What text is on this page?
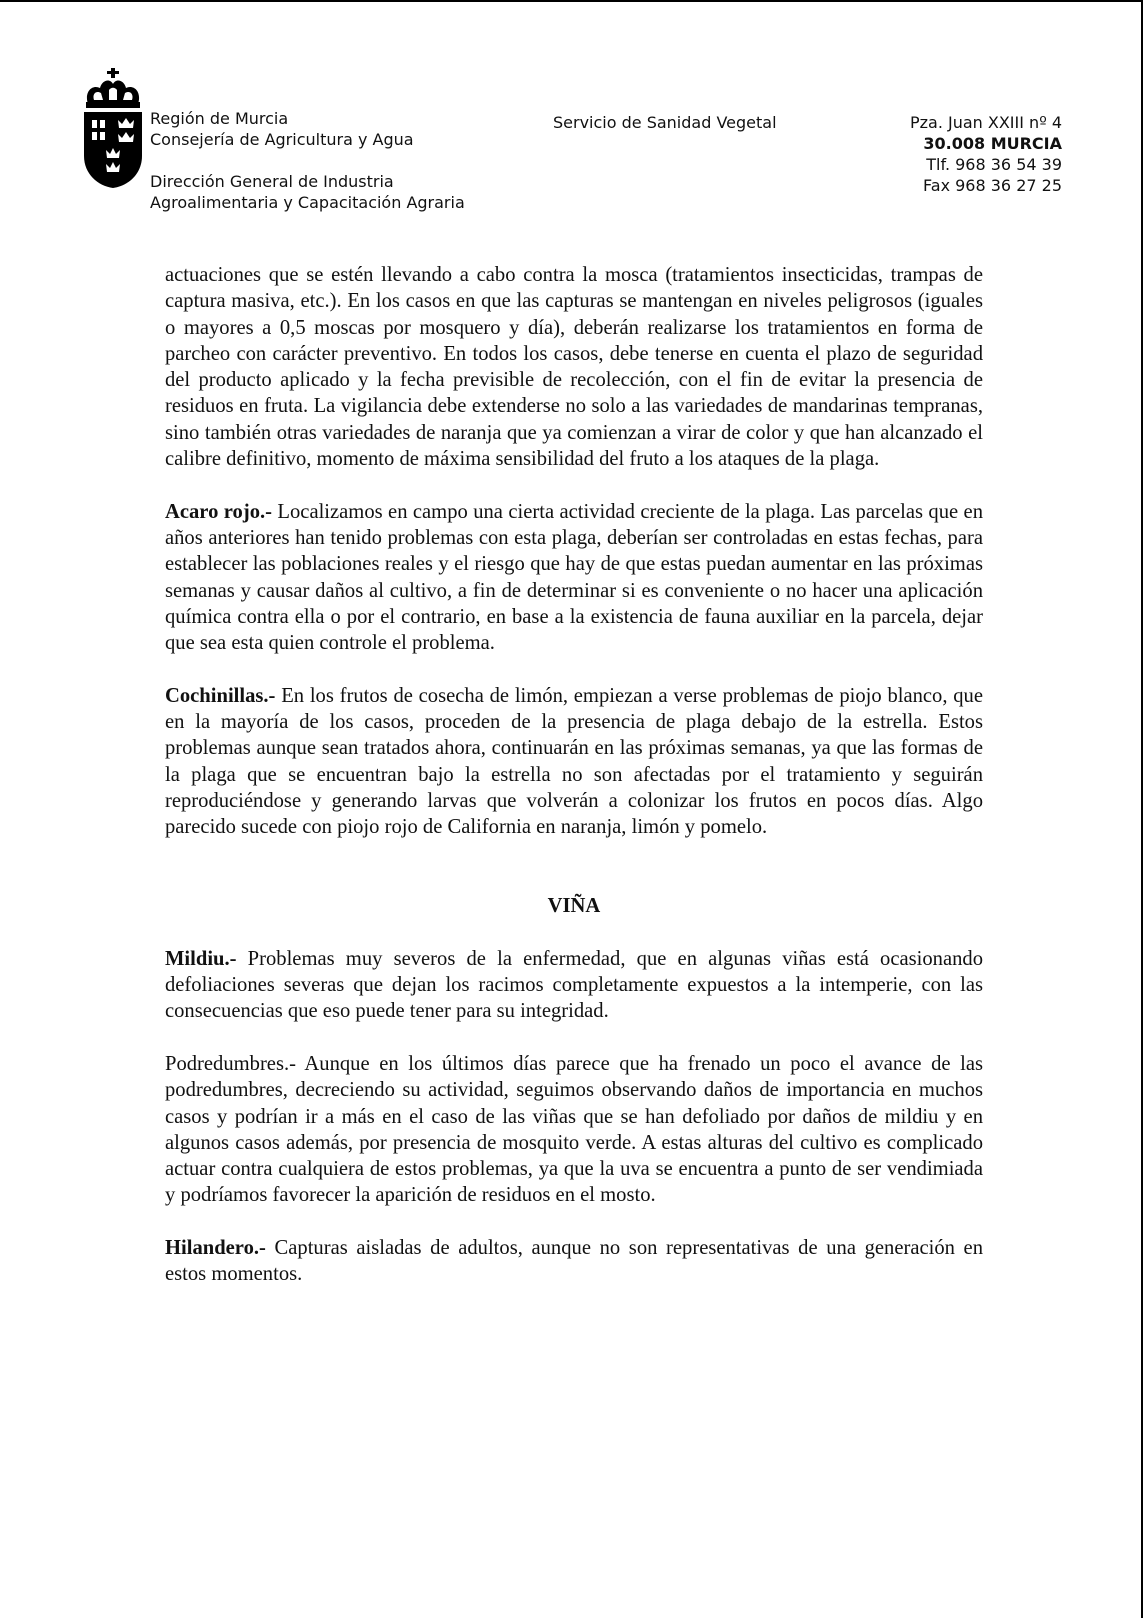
Región de Murcia
Consejería de Agricultura y Agua
Dirección General de Industria
Agroalimentaria y Capacitación Agraria
Servicio de Sanidad Vegetal	Pza. Juan XXIII nº 4
30.008 MURCIA
Tlf. 968 36 54 39
Fax 968 36 27 25

actuaciones que se estén llevando a cabo contra la mosca (tratamientos insecticidas, trampas de captura masiva, etc.). En los casos en que las capturas se mantengan en niveles peligrosos (iguales o mayores a 0,5 moscas por mosquero y día), deberán realizarse los tratamientos en forma de parcheo con carácter preventivo. En todos los casos, debe tenerse en cuenta el plazo de seguridad del producto aplicado y la fecha previsible de recolección, con el fin de evitar la presencia de residuos en fruta. La vigilancia debe extenderse no solo a las variedades de mandarinas tempranas, sino también otras variedades de naranja que ya comienzan a virar de color y que han alcanzado el calibre definitivo, momento de máxima sensibilidad del fruto a los ataques de la plaga.

Acaro rojo.- Localizamos en campo una cierta actividad creciente de la plaga. Las parcelas que en años anteriores han tenido problemas con esta plaga, deberían ser controladas en estas fechas, para establecer las poblaciones reales y el riesgo que hay de que estas puedan aumentar en las próximas semanas y causar daños al cultivo, a fin de determinar si es conveniente o no hacer una aplicación química contra ella o por el contrario, en base a la existencia de fauna auxiliar en la parcela, dejar que sea esta quien controle el problema.

Cochinillas.- En los frutos de cosecha de limón, empiezan a verse problemas de piojo blanco, que en la mayoría de los casos, proceden de la presencia de plaga debajo de la estrella. Estos problemas aunque sean tratados ahora, continuarán en las próximas semanas, ya que las formas de la plaga que se encuentran bajo la estrella no son afectadas por el tratamiento y seguirán reproduciéndose y generando larvas que volverán a colonizar los frutos en pocos días. Algo parecido sucede con piojo rojo de California en naranja, limón y pomelo.

VIÑA

Mildiu.- Problemas muy severos de la enfermedad, que en algunas viñas está ocasionando defoliaciones severas que dejan los racimos completamente expuestos a la intemperie, con las consecuencias que eso puede tener para su integridad.

Podredumbres.- Aunque en los últimos días parece que ha frenado un poco el avance de las podredumbres, decreciendo su actividad, seguimos observando daños de importancia en muchos casos y podrían ir a más en el caso de las viñas que se han defoliado por daños de mildiu y en algunos casos además, por presencia de mosquito verde. A estas alturas del cultivo es complicado actuar contra cualquiera de estos problemas, ya que la uva se encuentra a punto de ser vendimiada y podríamos favorecer la aparición de residuos en el mosto.

Hilandero.- Capturas aisladas de adultos, aunque no son representativas de una generación en estos momentos.
